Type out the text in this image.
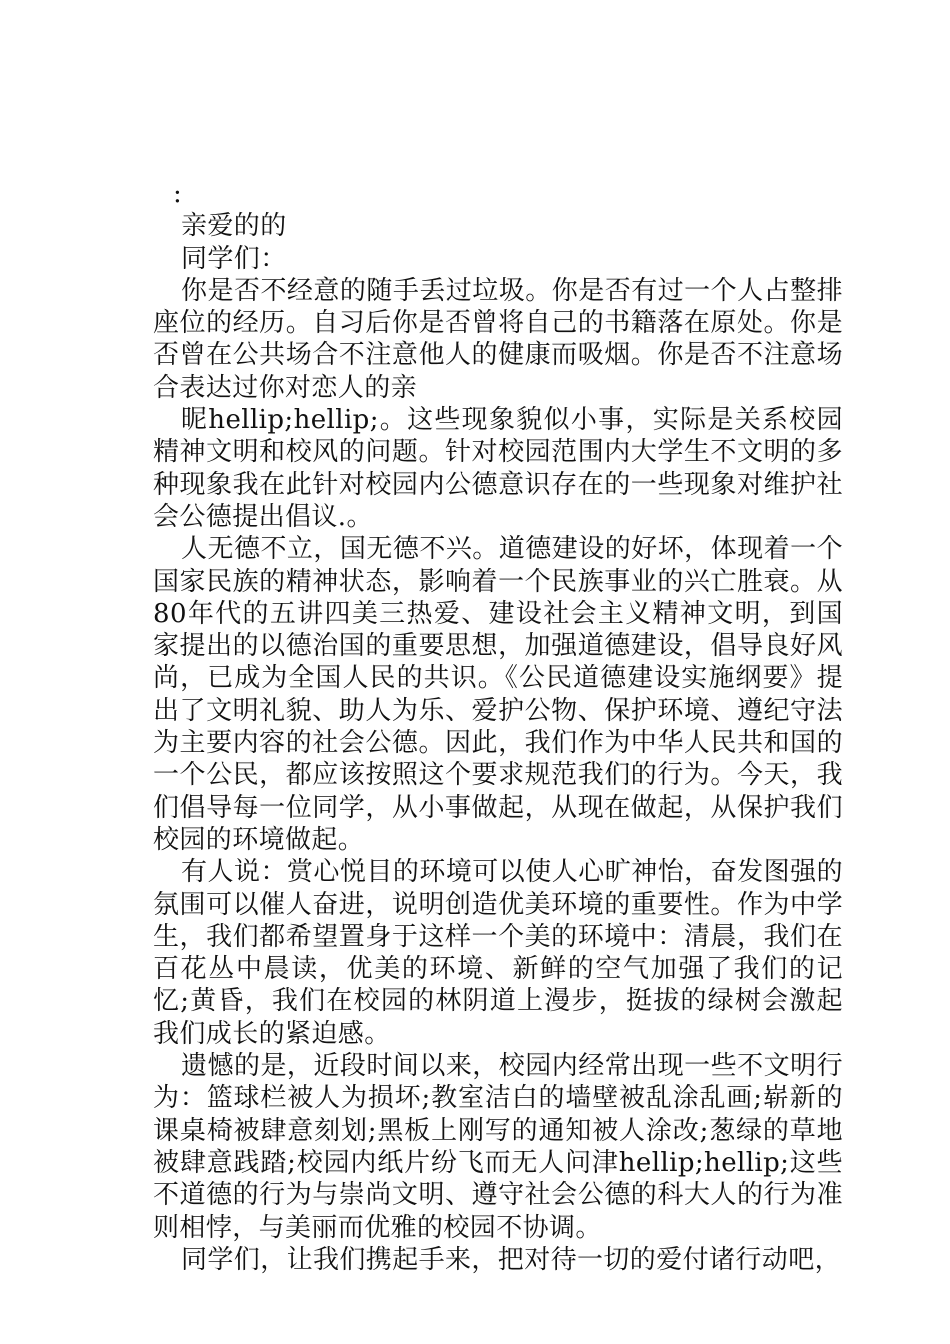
:

亲爱的的

同学们：

你是否不经意的随手丢过垃圾。你是否有过一个人占整排座位的经历。自习后你是否曾将自己的书籍落在原处。你是否曾在公共场合不注意他人的健康而吸烟。你是否不注意场合表达过你对恋人的亲

昵hellip;hellip;。这些现象貌似小事，实际是关系校园精神文明和校风的问题。针对校园范围内大学生不文明的多种现象我在此针对校园内公德意识存在的一些现象对维护社会公德提出倡议.。

人无德不立，国无德不兴。道德建设的好坏，体现着一个国家民族的精神状态，影响着一个民族事业的兴亡胜衰。从80年代的五讲四美三热爱、建设社会主义精神文明，到国家提出的以德治国的重要思想，加强道德建设，倡导良好风尚，已成为全国人民的共识。《公民道德建设实施纲要》提出了文明礼貌、助人为乐、爱护公物、保护环境、遵纪守法为主要内容的社会公德。因此，我们作为中华人民共和国的一个公民，都应该按照这个要求规范我们的行为。今天，我们倡导每一位同学，从小事做起，从现在做起，从保护我们校园的环境做起。

有人说：赏心悦目的环境可以使人心旷神怡，奋发图强的氛围可以催人奋进，说明创造优美环境的重要性。作为中学生，我们都希望置身于这样一个美的环境中：清晨，我们在百花丛中晨读，优美的环境、新鲜的空气加强了我们的记忆;黄昏，我们在校园的林阴道上漫步，挺拔的绿树会激起我们成长的紧迫感。

遗憾的是，近段时间以来，校园内经常出现一些不文明行为：篮球栏被人为损坏;教室洁白的墙壁被乱涂乱画;崭新的课桌椅被肆意刻划;黑板上刚写的通知被人涂改;葱绿的草地被肆意践踏;校园内纸片纷飞而无人问津hellip;hellip;这些不道德的行为与崇尚文明、遵守社会公德的科大人的行为准则相悖，与美丽而优雅的校园不协调。

同学们，让我们携起手来，把对待一切的爱付诸行动吧，
